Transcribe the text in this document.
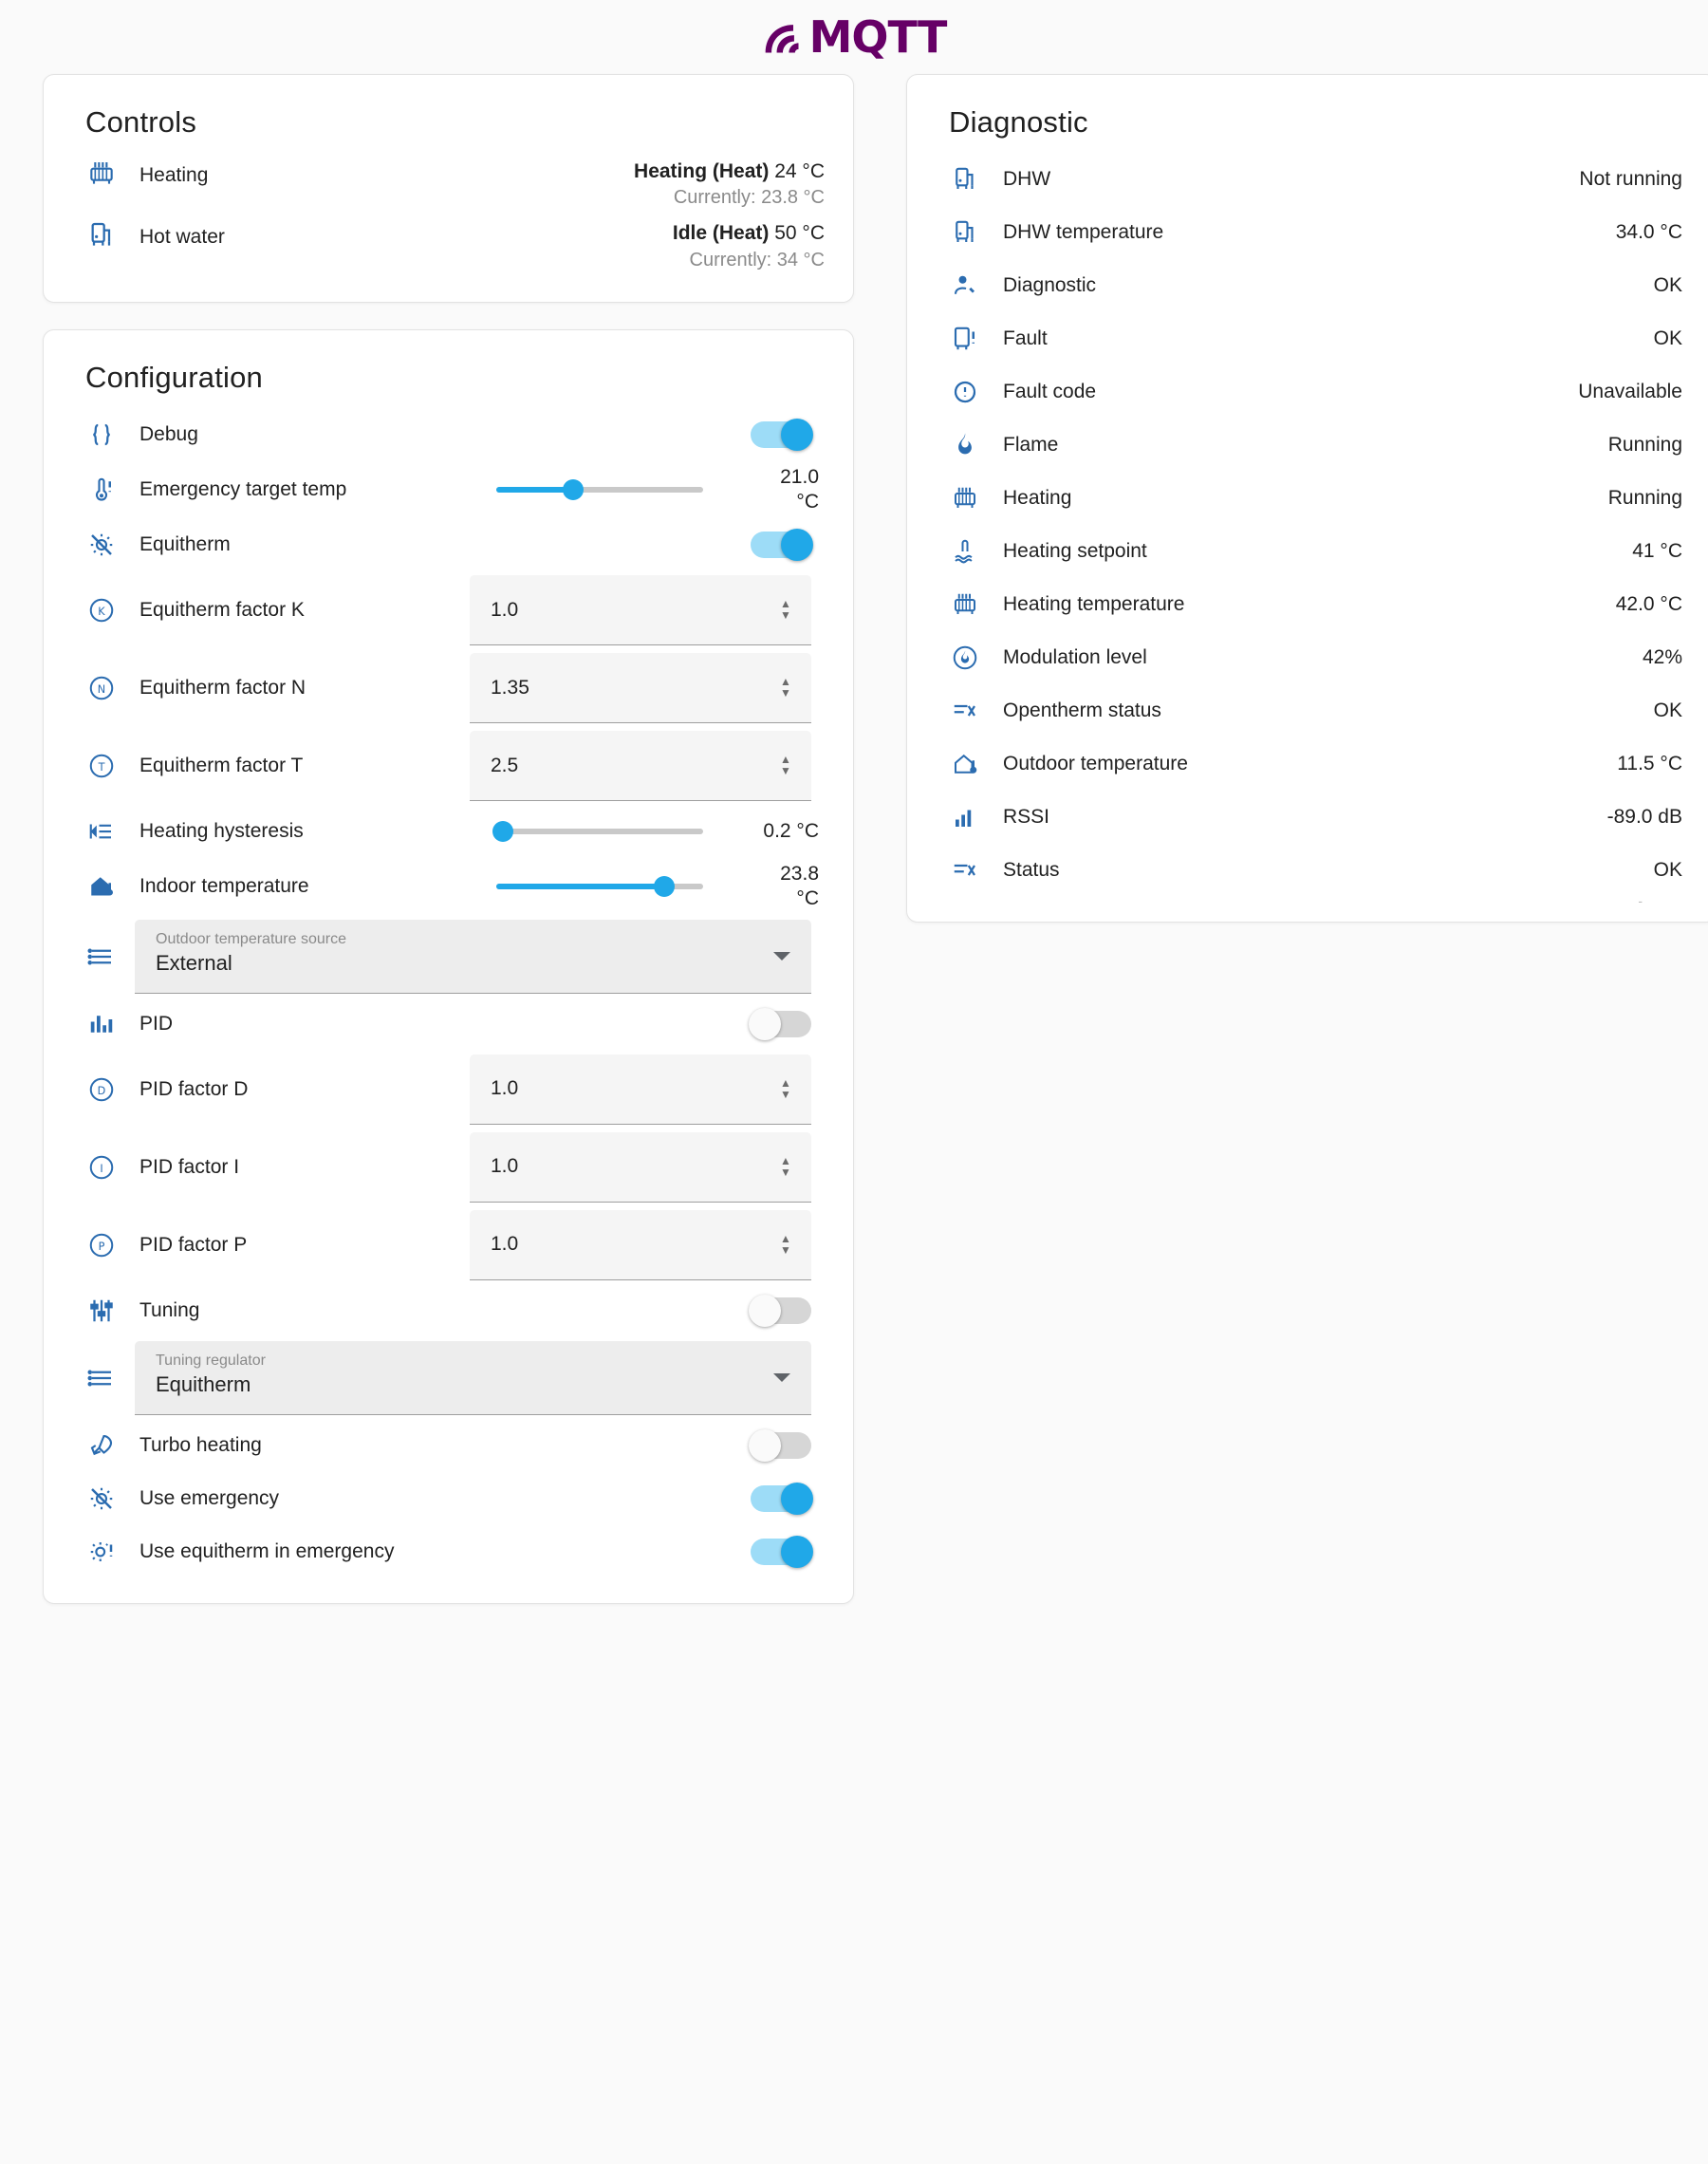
MQTT
Controls
Heating	Heating (Heat) 24 °C
Currently: 23.8 °C
Hot water	Idle (Heat) 50 °C
Currently: 34 °C
Configuration
Debug
Emergency target temp
21.0
°C
Equitherm
K	Equitherm factor K	1.0	▲
▼
N	Equitherm factor N	1.35	▲
▼
T	Equitherm factor T	2.5	▲
▼
Heating hysteresis	0.2 °C
Indoor temperature
23.8
°C
Outdoor temperature source
External
PID
D	PID factor D	1.0	▲
▼
I	PID factor I	1.0	▲
▼
P	PID factor P	1.0	▲
▼
Tuning
Tuning regulator
Equitherm
Turbo heating
Use emergency
Use equitherm in emergency
Diagnostic
DHW	Not running
DHW temperature	34.0 °C
Diagnostic	OK
Fault	OK
Fault code	Unavailable
Flame	Running
Heating	Running
Heating setpoint	41 °C
Heating temperature	42.0 °C
Modulation level	42%
Opentherm status	OK
Outdoor temperature	11.5 °C
RSSI	-89.0 dB
Status	OK
-
